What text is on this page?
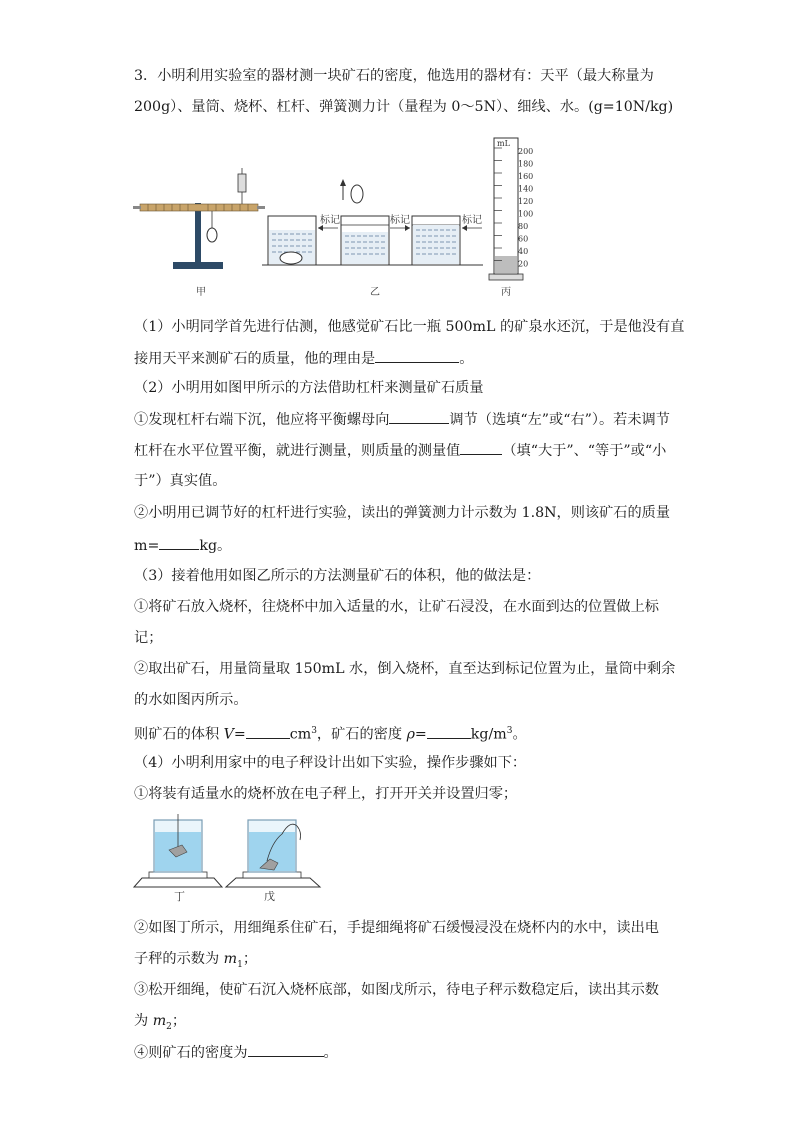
3．小明利用实验室的器材测一块矿石的密度，他选用的器材有：天平（最大称量为
200g）、量筒、烧杯、杠杆、弹簧测力计（量程为 0～5N）、细线、水。(g=10N/kg)
甲
标记	标记	标记
乙
mL
200
180
160
140
120
100
80
60
40
20
丙
（1）小明同学首先进行估测，他感觉矿石比一瓶 500mL 的矿泉水还沉，于是他没有直
接用天平来测矿石的质量，他的理由是	。
（2）小明用如图甲所示的方法借助杠杆来测量矿石质量
①发现杠杆右端下沉，他应将平衡螺母向	调节（选填“左”或“右”）。若未调节
杠杆在水平位置平衡，就进行测量，则质量的测量值	（填“大于”、“等于”或“小
于”）真实值。
②小明用已调节好的杠杆进行实验，读出的弹簧测力计示数为 1.8N，则该矿石的质量
m=	kg。
（3）接着他用如图乙所示的方法测量矿石的体积，他的做法是：
①将矿石放入烧杯，往烧杯中加入适量的水，让矿石浸没，在水面到达的位置做上标
记；
②取出矿石，用量筒量取 150mL 水，倒入烧杯，直至达到标记位置为止，量筒中剩余
的水如图丙所示。
则矿石的体积 V=	$cm^3$，矿石的密度 ρ=	$kg/m^3$。
（4）小明利用家中的电子秤设计出如下实验，操作步骤如下：
①将装有适量水的烧杯放在电子秤上，打开开关并设置归零；
丁	戊
②如图丁所示，用细绳系住矿石，手提细绳将矿石缓慢浸没在烧杯内的水中，读出电
子秤的示数为 $m_1$；
③松开细绳，使矿石沉入烧杯底部，如图戊所示，待电子秤示数稳定后，读出其示数
为 $m_2$；
④则矿石的密度为	。
